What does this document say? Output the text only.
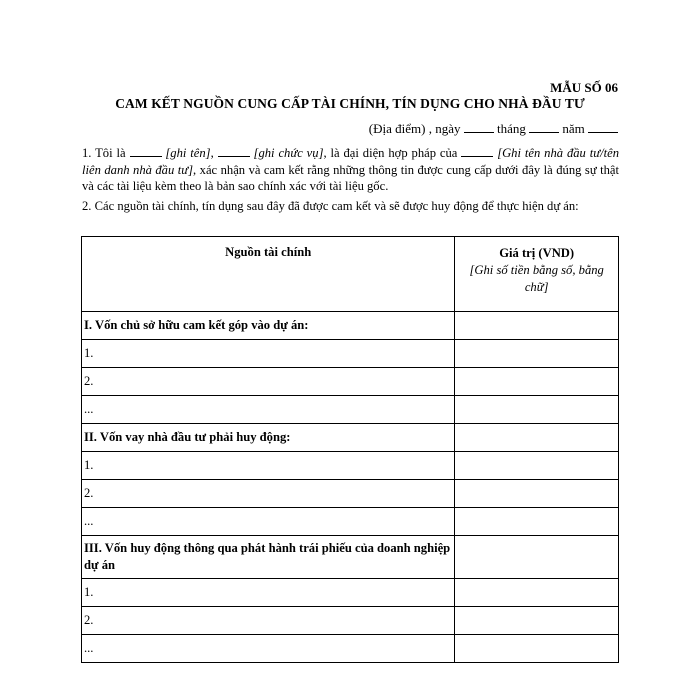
MẪU SỐ 06
CAM KẾT NGUỒN CUNG CẤP TÀI CHÍNH, TÍN DỤNG CHO NHÀ ĐẦU TƯ
(Địa điểm) , ngày	tháng	năm
1. Tôi là	[ghi tên],	[ghi chức vụ], là đại diện hợp pháp của	[Ghi tên nhà đầu tư/tên liên danh nhà đầu tư], xác nhận và cam kết rằng những thông tin được cung cấp dưới đây là đúng sự thật và các tài liệu kèm theo là bản sao chính xác với tài liệu gốc.
2. Các nguồn tài chính, tín dụng sau đây đã được cam kết và sẽ được huy động để thực hiện dự án:
Nguồn tài chính	Giá trị (VND)
[Ghi số tiền bằng số, bằng chữ]

I. Vốn chủ sở hữu cam kết góp vào dự án:	
1.	
2.	
...	
II. Vốn vay nhà đầu tư phải huy động:	
1.	
2.	
...	
III. Vốn huy động thông qua phát hành trái phiếu của doanh nghiệp dự án	
1.	
2.	
...	
